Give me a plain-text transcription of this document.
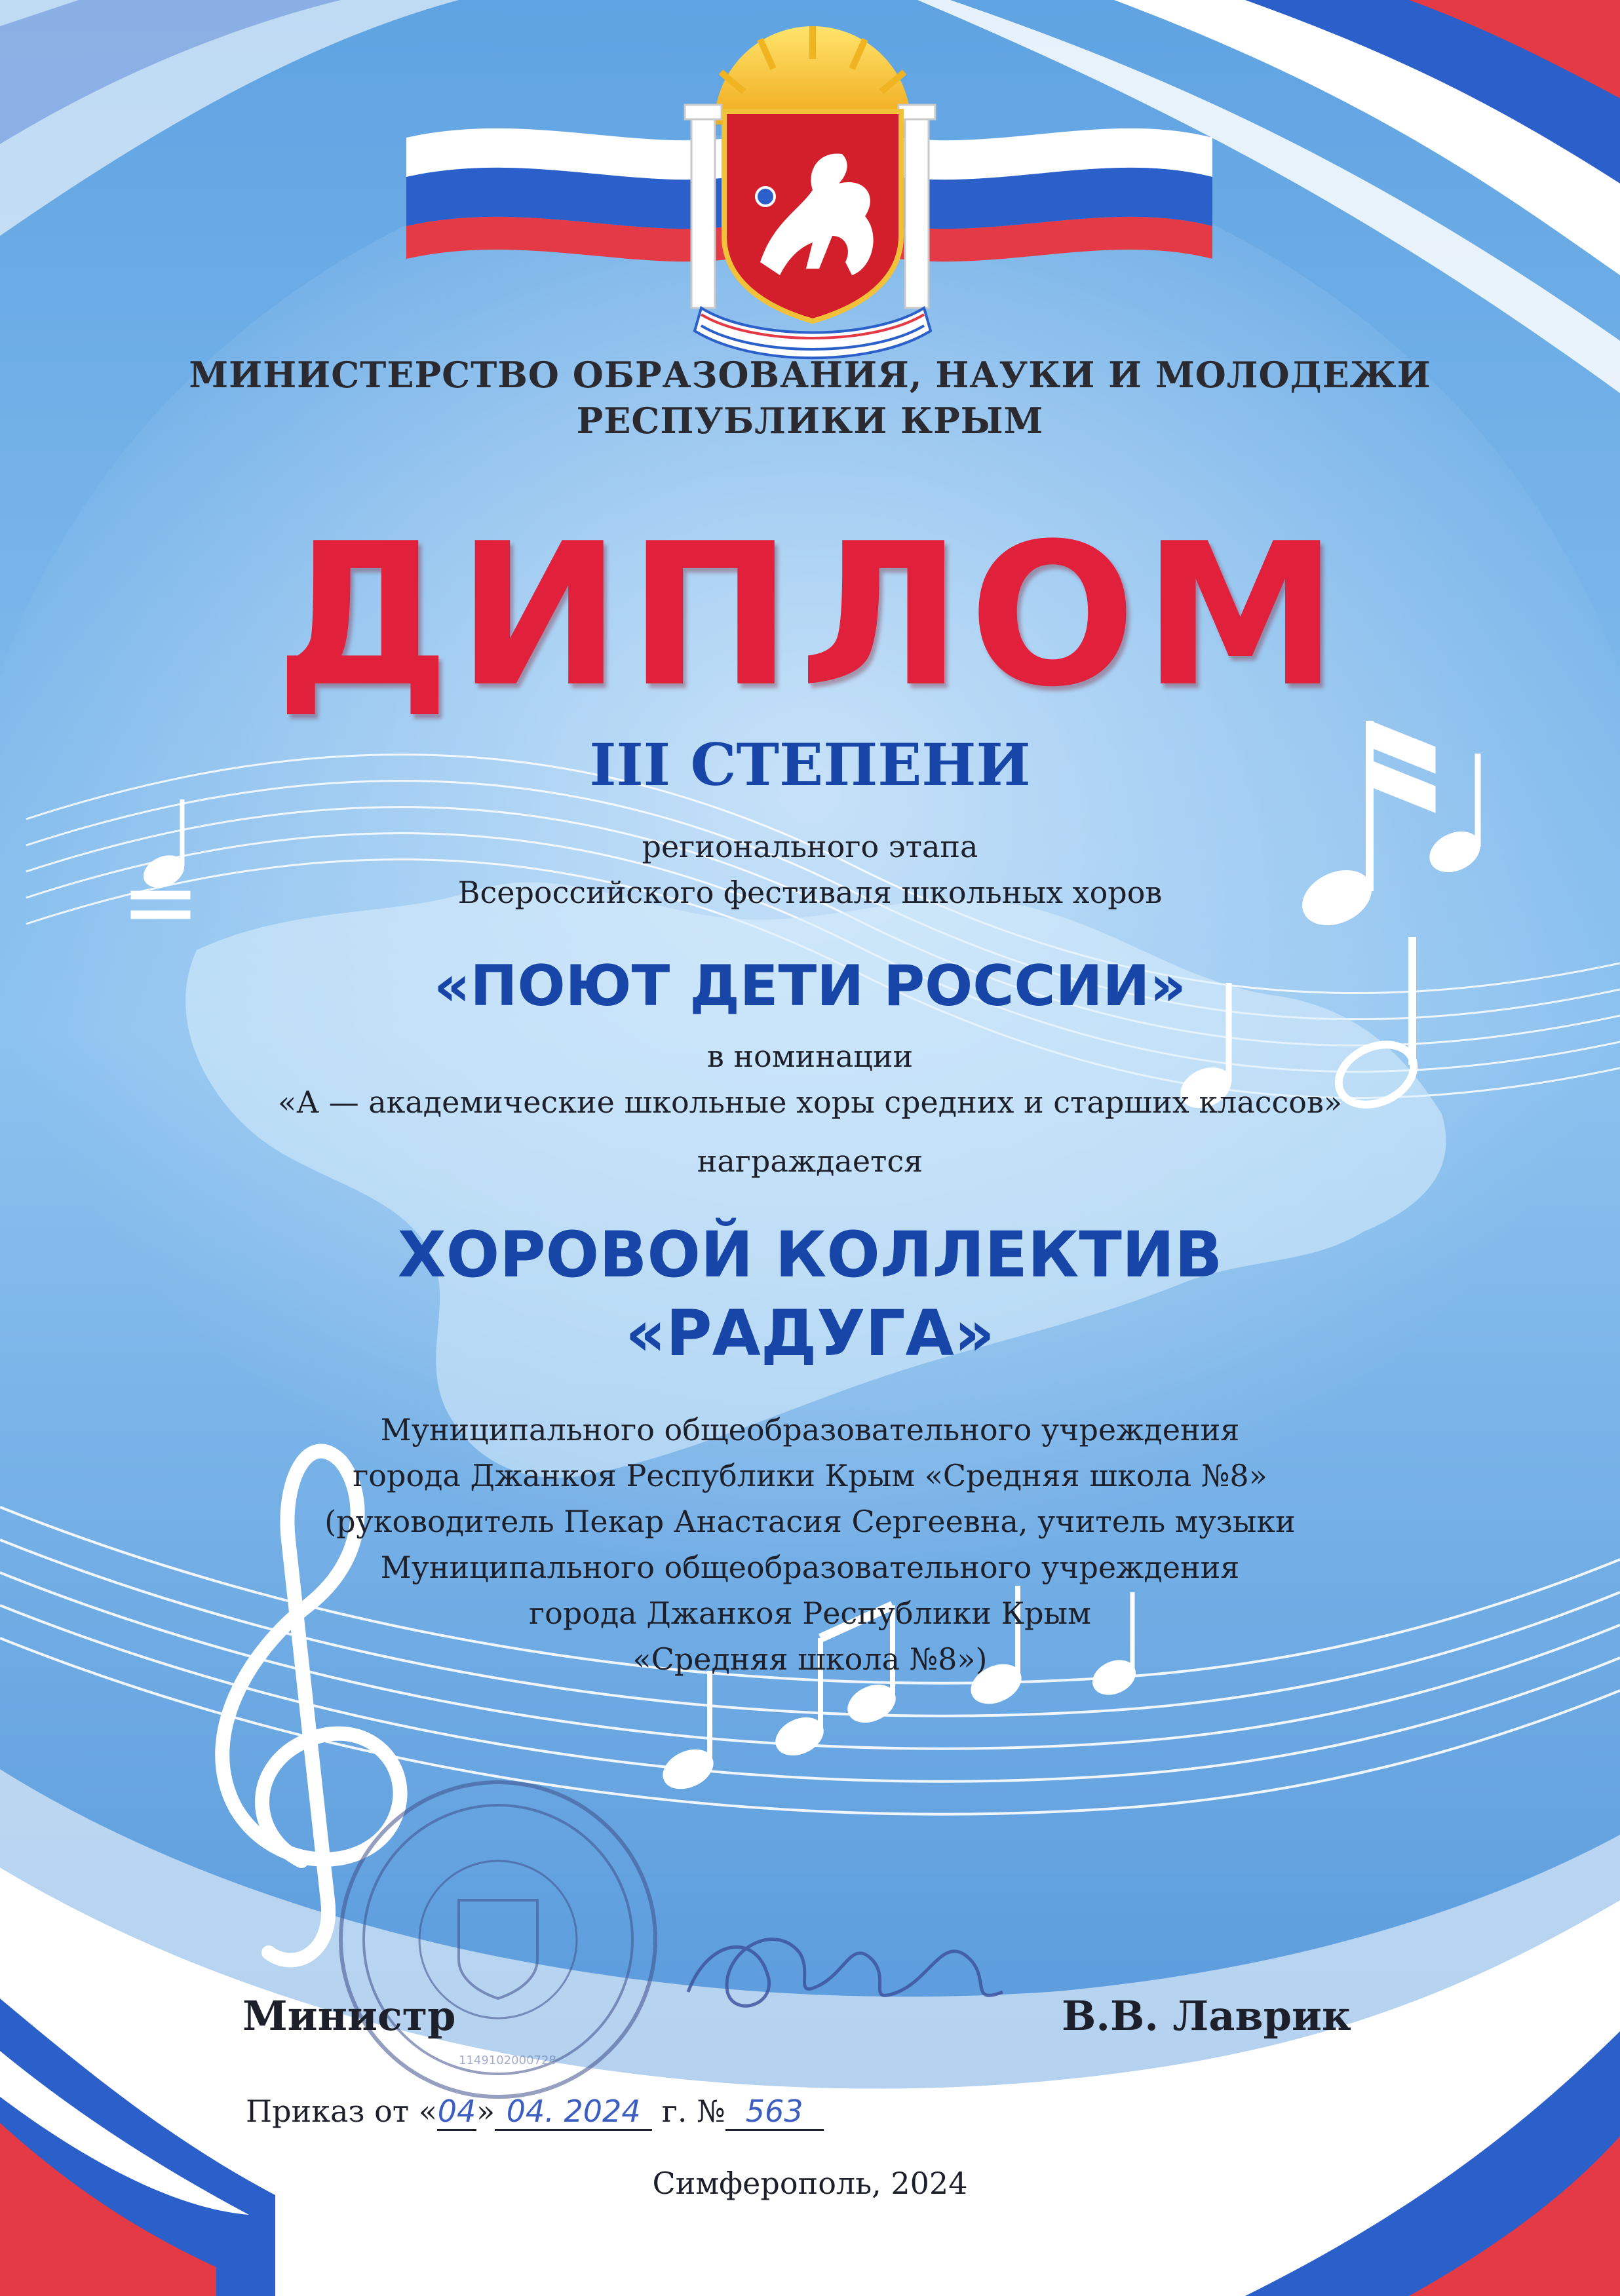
1149102000728

МИНИСТЕРСТВО ОБРАЗОВАНИЯ, НАУКИ И МОЛОДЕЖИ

РЕСПУБЛИКИ КРЫМ

ДИПЛОМ

III СТЕПЕНИ

регионального этапа

Всероссийского фестиваля школьных хоров

«ПОЮТ ДЕТИ РОССИИ»

в номинации

«А — академические школьные хоры средних и старших классов»

награждается

ХОРОВОЙ КОЛЛЕКТИВ

«РАДУГА»

Муниципального общеобразовательного учреждения

города Джанкоя Республики Крым «Средняя школа №8»

(руководитель Пекар Анастасия Сергеевна, учитель музыки

Муниципального общеобразовательного учреждения

города Джанкоя Республики Крым

«Средняя школа №8»)

Министр	В.В. Лаврик

Приказ от «04» 04. 2024 г. № 563

Симферополь, 2024
